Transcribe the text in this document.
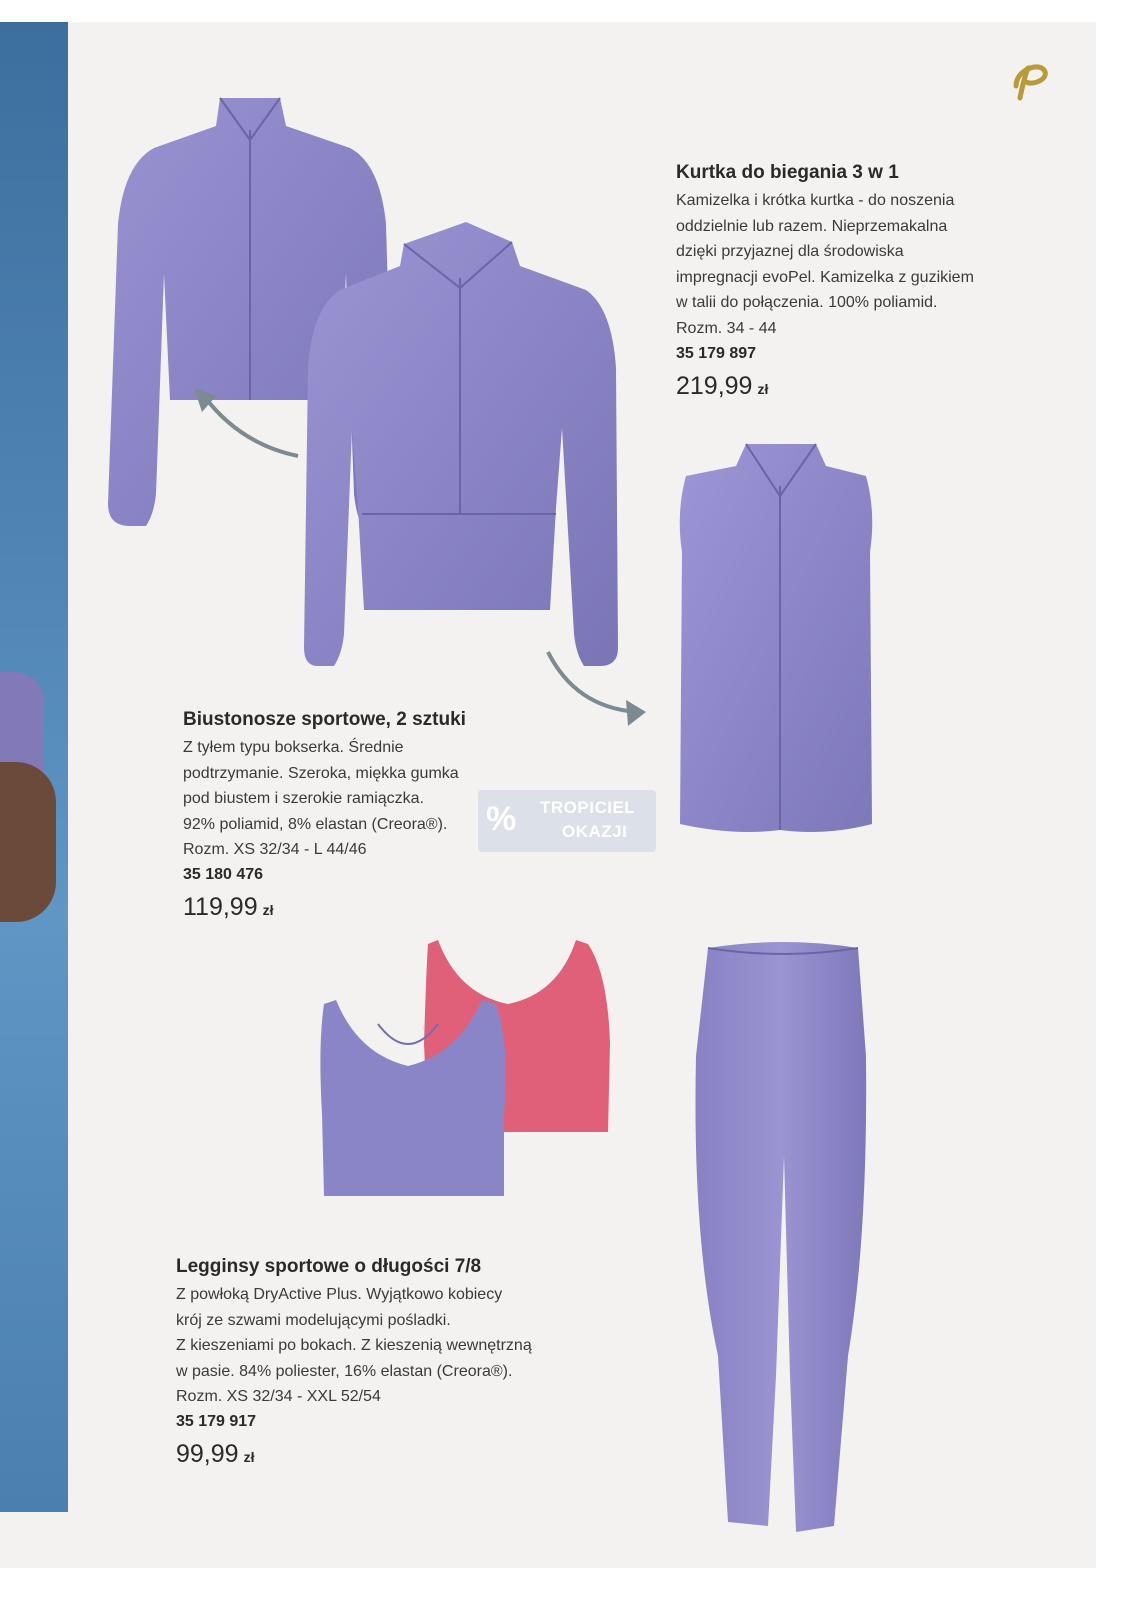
Kurtka do biegania 3 w 1
Kamizelka i krótka kurtka - do noszenia
oddzielnie lub razem. Nieprzemakalna
dzięki przyjaznej dla środowiska
impregnacji evoPel. Kamizelka z guzikiem
w talii do połączenia. 100% poliamid.
Rozm. 34 - 44
35 179 897
219,99 zł
Biustonosze sportowe, 2 sztuki
Z tyłem typu bokserka. Średnie
podtrzymanie. Szeroka, miękka gumka
pod biustem i szerokie ramiączka.
92% poliamid, 8% elastan (Creora®).
Rozm. XS 32/34 - L 44/46
35 180 476
119,99 zł
% TROPICIEL
OKAZJI
Legginsy sportowe o długości 7/8
Z powłoką DryActive Plus. Wyjątkowo kobiecy
krój ze szwami modelującymi pośladki.
Z kieszeniami po bokach. Z kieszenią wewnętrzną
w pasie. 84% poliester, 16% elastan (Creora®).
Rozm. XS 32/34 - XXL 52/54
35 179 917
99,99 zł
